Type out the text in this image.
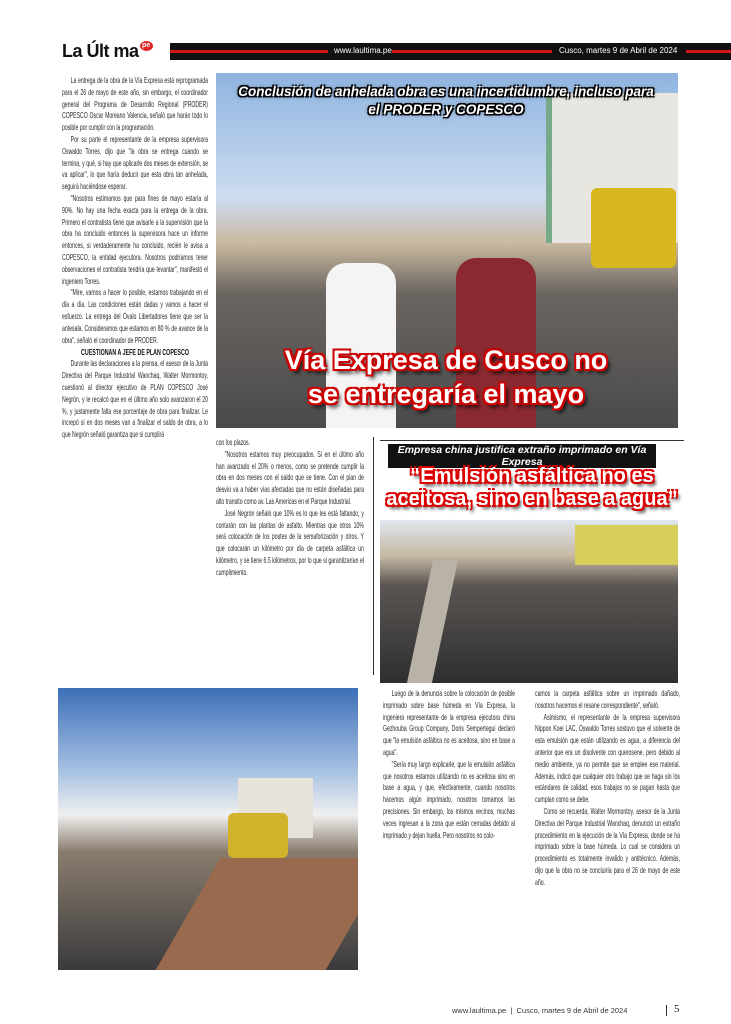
La Últ ma pe
www.laultima.pe	Cusco, martes 9 de Abril de 2024

La entrega de la obra de la Vía Expresa está reprogramada para el 26 de mayo de este año, sin embargo, el coordinador general del Programa de Desarrollo Regional (PRODER) COPESCO Oscar Moreano Valencia, señaló que harán todo lo posible por cumplir con la programación.

Por su parte el representante de la empresa supervisora Oswaldo Torres, dijo que "la obra se entrega cuando se termina, y qué, si hay que aplicarle dos meses de extensión, se va aplicar", lo que haría deducir que esta obra tan anhelada, seguirá haciéndose esperar.

"Nosotros estimamos que para fines de mayo estaría al 90%. No hay una fecha exacta para la entrega de la obra. Primero el contratista tiene que avisarle a la supervisión que la obra ha concluido entonces la supervisora hace un informe entonces, si verdaderamente ha concluido, recién le avisa a COPESCO, la entidad ejecutora. Nosotros podríamos tener observaciones el contratista tendría que levantar", manifestó el ingeniero Torres.

"Mire, vamos a hacer lo posible, estamos trabajando en el día a día. Las condiciones están dadas y vamos a hacer el esfuerzo. La entrega del Óvalo Libertadores tiene que ser la antesala. Consideramos que estamos en 80 % de avance de la obra", señaló el coordinador de PRODER.

CUESTIONAN A JEFE DE PLAN COPESCO

Durante las declaraciones a la prensa, el asesor de la Junta Directiva del Parque Industrial Wanchaq, Walter Mormontoy, cuestionó al director ejecutivo de PLAN COPESCO José Negrón, y le recalcó que en el último año solo avanzaron el 20 %, y justamente falta ese porcentaje de obra para finalizar. Le increpó si en dos meses van a finalizar el saldo de obra, a lo que Negrón señaló garantiza que si cumplirá

Conclusión de anhelada obra es una incertidumbre, incluso para el PRODER y COPESCO
Vía Expresa de Cusco no se entregaría el mayo
con los plazos.

"Nosotros estamos muy preocupados. Si en el último año han avanzado el 20% o menos, como se pretende cumplir la obra en dos meses con el saldo que se tiene. Con el plan de desvío va a haber vías afectadas que no están diseñadas para alto transito como av. Las Americas en el Parque Industrial.

José Negrón señaló que 10% es lo que les está faltando, y contarán con las plantas de asfalto. Mientras que otros 10% será colocación de los postes de la semaforización y otros. Y que colocarán un kilómetro por día de carpeta asfáltica un kilómetro, y se tiene 6.5 kilómetros, por lo que si garantizarían el cumplimiento.

Empresa china justifica extraño imprimado en Vía Expresa
“Emulsión asfáltica no es aceitosa, sino en base a agua”

Luego de la denuncia sobre la colocación de posible imprimado sobre base húmeda en Vía Expresa, la ingeniera representante de la empresa ejecutora china Gezhouba Group Company, Doris Sempertegui declaró que "la emulsión asfáltica no es aceitosa, sino en base a agua".

"Sería muy largo explicarle, que la emulsión asfáltica que nosotros estamos utilizando no es aceitosa sino en base a agua, y que, efectivamente, cuando nosotros hacemos algún imprimado, nosotros tomamos las precisiones. Sin embargo, los mismos vecinos, muchas veces ingresan a la zona que están cerradas debido al imprimado y dejan huella. Pero nosotros no colo-

camos la carpeta asfáltica sobre un imprimado dañado, nosotros hacemos el resane correspondiente", señaló.

Asimismo, el representante de la empresa supervisora Nippon Koei LAC, Oswaldo Torres sostuvo que el solvente de esta emulsión que están utilizando es agua, a diferencia del anterior que era un disolvente con querosene, pero debido al medio ambiente, ya no permite que se emplee ese material. Además, indicó que cualquier otro trabajo que se haga sin los estándares de calidad, esos trabajos no se pagan hasta que cumplan como se debe.

Como se recuerda, Walter Mormontoy, asesor de la Junta Directiva del Parque Industrial Wanchaq, denunció un extraño procedimiento en la ejecución de la Vía Expresa, donde se ha imprimado sobre la base húmeda. Lo cual se considera un procedimiento es totalmente invalido y antitécnico. Además, dijo que la obra no se concluiría para el 26 de mayo de este año.

www.laultima.pe  |  Cusco, martes 9 de Abril de 2024	5
